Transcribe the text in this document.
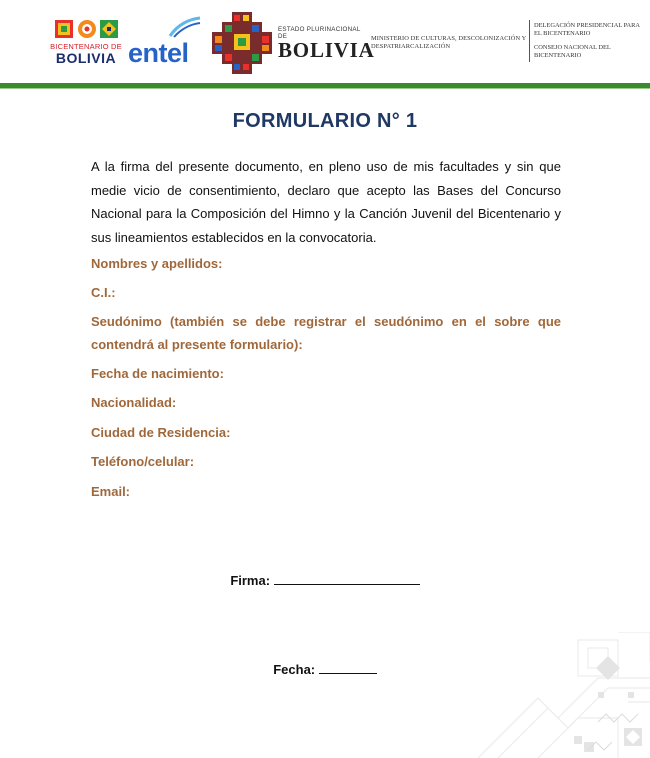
BICENTENARIO DE
BOLIVIA entel
ESTADO PLURINACIONAL DE
BOLIVIA
MINISTERIO DE CULTURAS, DESCOLONIZACIÓN Y DESPATRIARCALIZACIÓN
DELEGACIÓN PRESIDENCIAL PARA EL BICENTENARIO
CONSEJO NACIONAL DEL BICENTENARIO
FORMULARIO N° 1
A la firma del presente documento, en pleno uso de mis facultades y sin que medie vicio de consentimiento, declaro que acepto las Bases del Concurso Nacional para la Composición del Himno y la Canción Juvenil del Bicentenario y sus lineamientos establecidos en la convocatoria.
Nombres y apellidos:
C.I.:
Seudónimo (también se debe registrar el seudónimo en el sobre que contendrá al presente formulario):
Fecha de nacimiento:
Nacionalidad:
Ciudad de Residencia:
Teléfono/celular:
Email:
Firma:
Fecha:
